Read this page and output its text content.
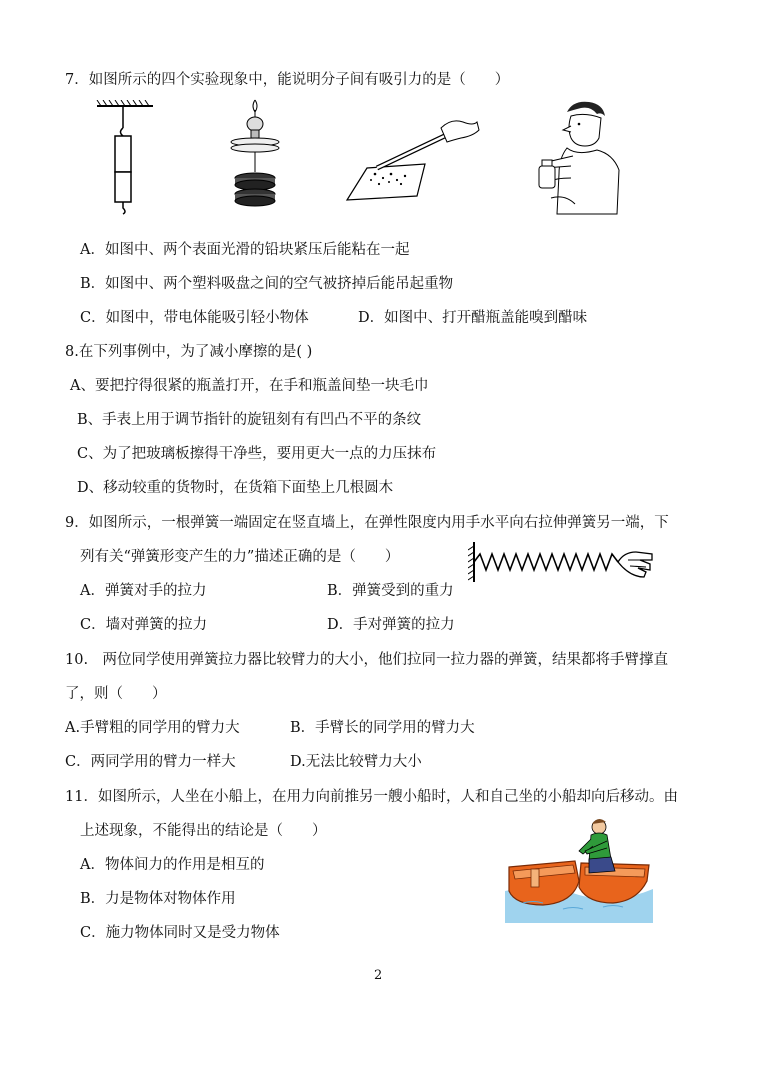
7．如图所示的四个实验现象中，能说明分子间有吸引力的是（　　）
A．如图中、两个表面光滑的铅块紧压后能粘在一起
B．如图中、两个塑料吸盘之间的空气被挤掉后能吊起重物
C．如图中，带电体能吸引轻小物体	D．如图中、打开醋瓶盖能嗅到醋味
8.在下列事例中，为了减小摩擦的是( )
A、要把拧得很紧的瓶盖打开，在手和瓶盖间垫一块毛巾
B、手表上用于调节指针的旋钮刻有有凹凸不平的条纹
C、为了把玻璃板擦得干净些，要用更大一点的力压抹布
D、移动较重的货物时，在货箱下面垫上几根圆木
9．如图所示，一根弹簧一端固定在竖直墙上，在弹性限度内用手水平向右拉伸弹簧另一端，下
列有关“弹簧形变产生的力”描述正确的是（　　）
A．弹簧对手的拉力	B．弹簧受到的重力
C．墙对弹簧的拉力	D．手对弹簧的拉力
10.　两位同学使用弹簧拉力器比较臂力的大小，他们拉同一拉力器的弹簧，结果都将手臂撑直
了，则（　　）
A.手臂粗的同学用的臂力大	B．手臂长的同学用的臂力大
C．两同学用的臂力一样大	D.无法比较臂力大小
11．如图所示，人坐在小船上，在用力向前推另一艘小船时，人和自己坐的小船却向后移动。由
上述现象，不能得出的结论是（　　）
A．物体间力的作用是相互的
B．力是物体对物体作用
C．施力物体同时又是受力物体
2
